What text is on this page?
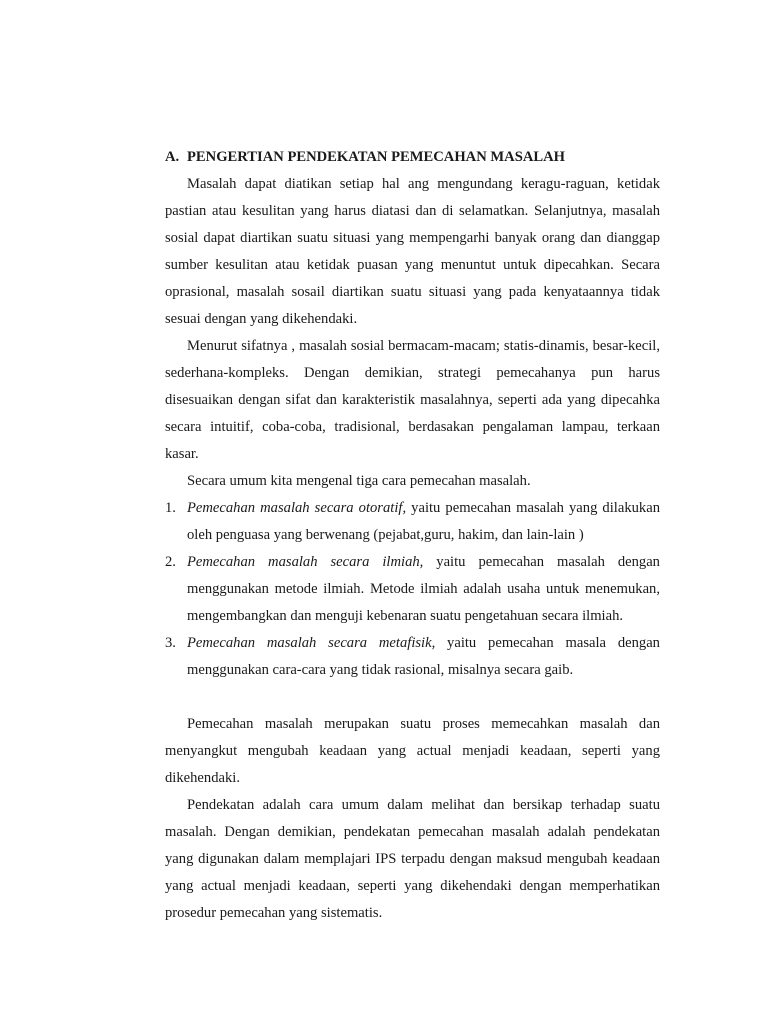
A. PENGERTIAN PENDEKATAN PEMECAHAN MASALAH

Masalah dapat diatikan setiap hal ang mengundang keragu-raguan, ketidak pastian atau kesulitan yang harus diatasi dan di selamatkan. Selanjutnya, masalah sosial dapat diartikan suatu situasi yang mempengarhi banyak orang dan dianggap sumber kesulitan atau ketidak puasan yang menuntut untuk dipecahkan. Secara oprasional, masalah sosail diartikan suatu situasi yang pada kenyataannya tidak sesuai dengan yang dikehendaki.

Menurut sifatnya , masalah sosial bermacam-macam; statis-dinamis, besar-kecil, sederhana-kompleks. Dengan demikian, strategi pemecahanya pun harus disesuaikan dengan sifat dan karakteristik masalahnya, seperti ada yang dipecahka secara intuitif, coba-coba, tradisional, berdasakan pengalaman lampau, terkaan kasar.

Secara umum kita mengenal tiga cara pemecahan masalah.

1. Pemecahan masalah secara otoratif, yaitu pemecahan masalah yang dilakukan oleh penguasa yang berwenang (pejabat,guru, hakim, dan lain-lain )
2. Pemecahan masalah secara ilmiah, yaitu pemecahan masalah dengan menggunakan metode ilmiah. Metode ilmiah adalah usaha untuk menemukan, mengembangkan dan menguji kebenaran suatu pengetahuan secara ilmiah.
3. Pemecahan masalah secara metafisik, yaitu pemecahan masala dengan menggunakan cara-cara yang tidak rasional, misalnya secara gaib.

Pemecahan masalah merupakan suatu proses memecahkan masalah dan menyangkut mengubah keadaan yang actual menjadi keadaan, seperti yang dikehendaki.

Pendekatan adalah cara umum dalam melihat dan bersikap terhadap suatu masalah. Dengan demikian, pendekatan pemecahan masalah adalah pendekatan yang digunakan dalam memplajari IPS terpadu dengan maksud mengubah keadaan yang actual menjadi keadaan, seperti yang dikehendaki dengan memperhatikan prosedur pemecahan yang sistematis.
